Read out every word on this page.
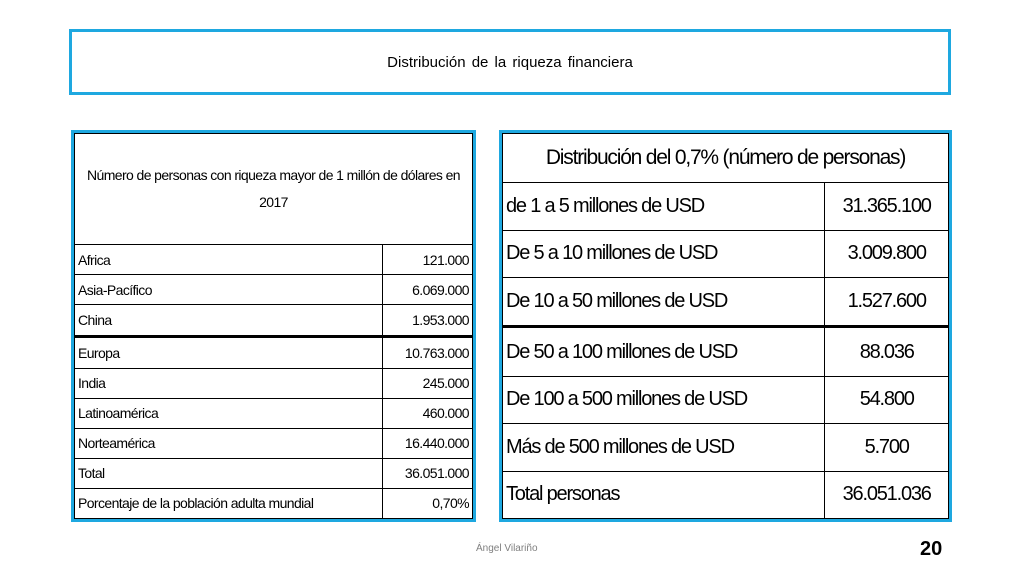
Distribución de la riqueza financiera
Número de personas con riqueza mayor de 1 millón de dólares en 2017	
Africa	121.000
Asia-Pacífico	6.069.000
China	1.953.000
Europa	10.763.000
India	245.000
Latinoamérica	460.000
Norteamérica	16.440.000
Total	36.051.000
Porcentaje de la población adulta mundial	0,70%
Distribución del 0,7% (número de personas)	
de 1 a 5 millones de USD	31.365.100
De 5 a 10 millones de USD	3.009.800
De 10 a 50 millones de USD	1.527.600
De 50 a 100 millones de USD	88.036
De 100 a 500 millones de USD	54.800
Más de 500 millones de USD	5.700
Total personas	36.051.036
Ángel Vilariño	20
